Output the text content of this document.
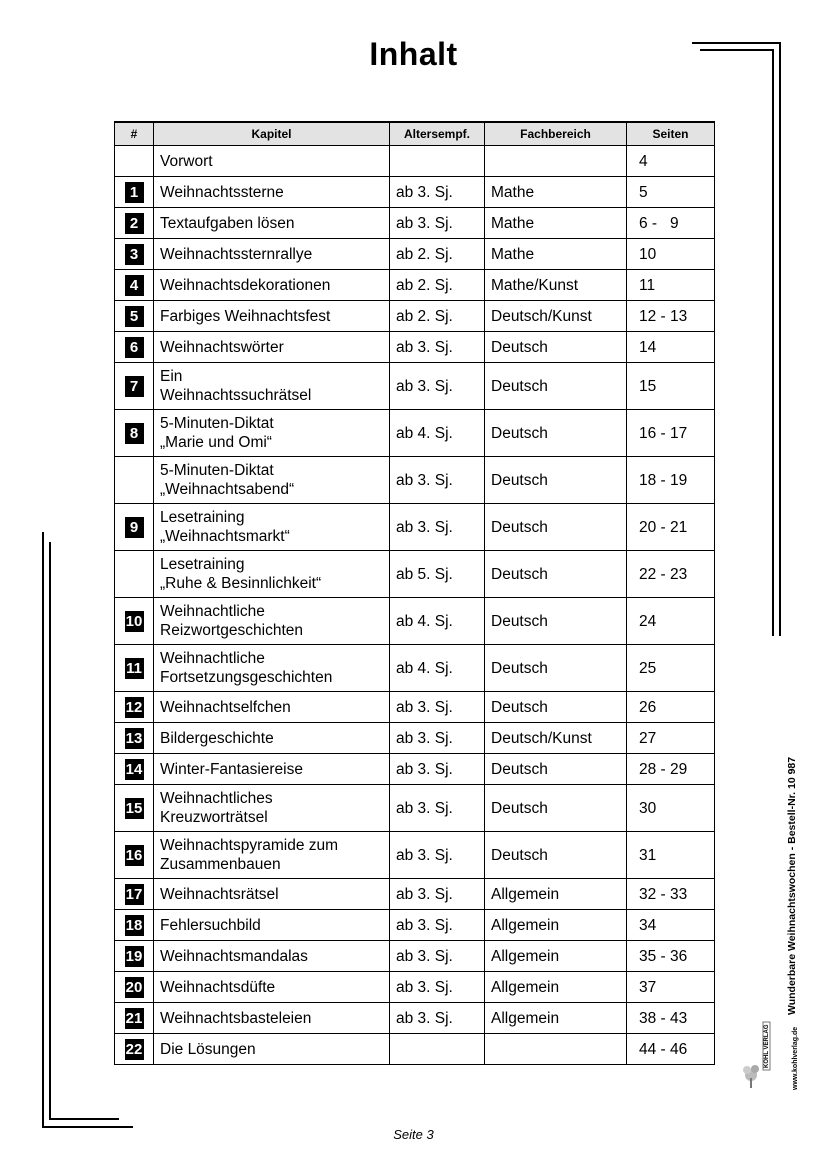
Inhalt
#	Kapitel	Altersempf.	Fachbereich	Seiten

	Vorwort			4
1	Weihnachtssterne	ab 3. Sj.	Mathe	5
2	Textaufgaben lösen	ab 3. Sj.	Mathe	6 -   9
3	Weihnachtssternrallye	ab 2. Sj.	Mathe	10
4	Weihnachtsdekorationen	ab 2. Sj.	Mathe/Kunst	11
5	Farbiges Weihnachtsfest	ab 2. Sj.	Deutsch/Kunst	12 - 13
6	Weihnachtswörter	ab 3. Sj.	Deutsch	14
7	Ein
Weihnachtssuchrätsel	ab 3. Sj.	Deutsch	15
8	5-Minuten-Diktat
„Marie und Omi“	ab 4. Sj.	Deutsch	16 - 17

	5-Minuten-Diktat
„Weihnachtsabend“	ab 3. Sj.	Deutsch	18 - 19
9	Lesetraining
„Weihnachtsmarkt“	ab 3. Sj.	Deutsch	20 - 21

	Lesetraining
„Ruhe & Besinnlichkeit“	ab 5. Sj.	Deutsch	22 - 23
10	Weihnachtliche
Reizwortgeschichten	ab 4. Sj.	Deutsch	24
11	Weihnachtliche
Fortsetzungsgeschichten	ab 4. Sj.	Deutsch	25
12	Weihnachtselfchen	ab 3. Sj.	Deutsch	26
13	Bildergeschichte	ab 3. Sj.	Deutsch/Kunst	27
14	Winter-Fantasiereise	ab 3. Sj.	Deutsch	28 - 29
15	Weihnachtliches
Kreuzworträtsel	ab 3. Sj.	Deutsch	30
16	Weihnachtspyramide zum
Zusammenbauen	ab 3. Sj.	Deutsch	31
17	Weihnachtsrätsel	ab 3. Sj.	Allgemein	32 - 33
18	Fehlersuchbild	ab 3. Sj.	Allgemein	34
19	Weihnachtsmandalas	ab 3. Sj.	Allgemein	35 - 36
20	Weihnachtsdüfte	ab 3. Sj.	Allgemein	37
21	Weihnachtsbasteleien	ab 3. Sj.	Allgemein	38 - 43
22	Die Lösungen			44 - 46	KOHL VERLAG	www.kohlverlag.de
Wunderbare Weihnachtswochen - Bestell-Nr. 10 987
Seite 3
